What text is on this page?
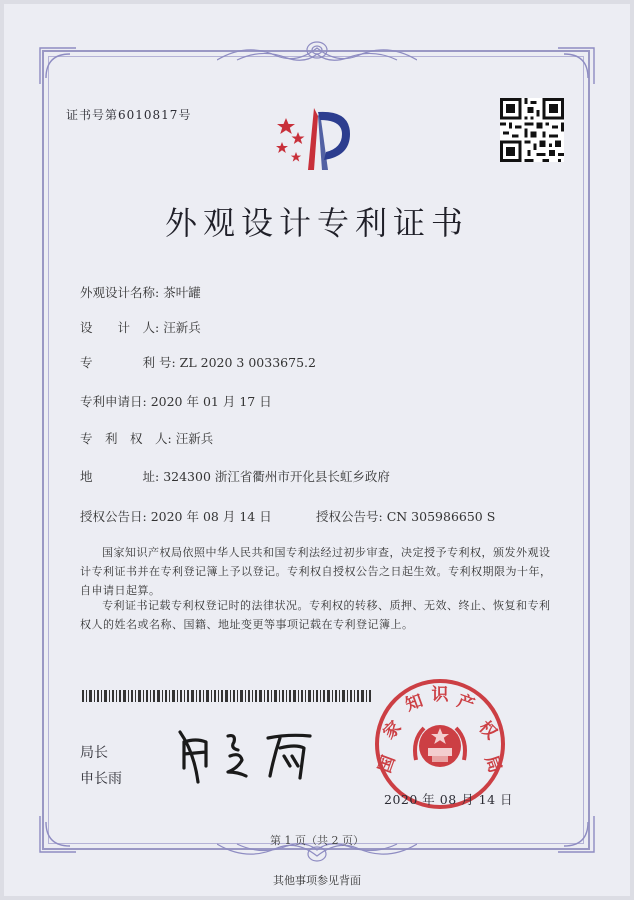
证书号第6010817号
外观设计专利证书
外观设计名称: 茶叶罐
设　　计　人: 汪新兵
专　　　　利 号: ZL 2020 3 0033675.2
专利申请日: 2020 年 01 月 17 日
专　利　权　人: 汪新兵
地　　　　址: 324300 浙江省衢州市开化县长虹乡政府
授权公告日: 2020 年 08 月 14 日	授权公告号: CN 305986650 S
国家知识产权局依照中华人民共和国专利法经过初步审查，决定授予专利权，颁发外观设计专利证书并在专利登记簿上予以登记。专利权自授权公告之日起生效。专利权期限为十年，自申请日起算。
专利证书记载专利权登记时的法律状况。专利权的转移、质押、无效、终止、恢复和专利权人的姓名或名称、国籍、地址变更等事项记载在专利登记簿上。
局长
申长雨
国
家
知 识 产
权
局
2020 年 08 月 14 日
第 1 页（共 2 页）
其他事项参见背面
